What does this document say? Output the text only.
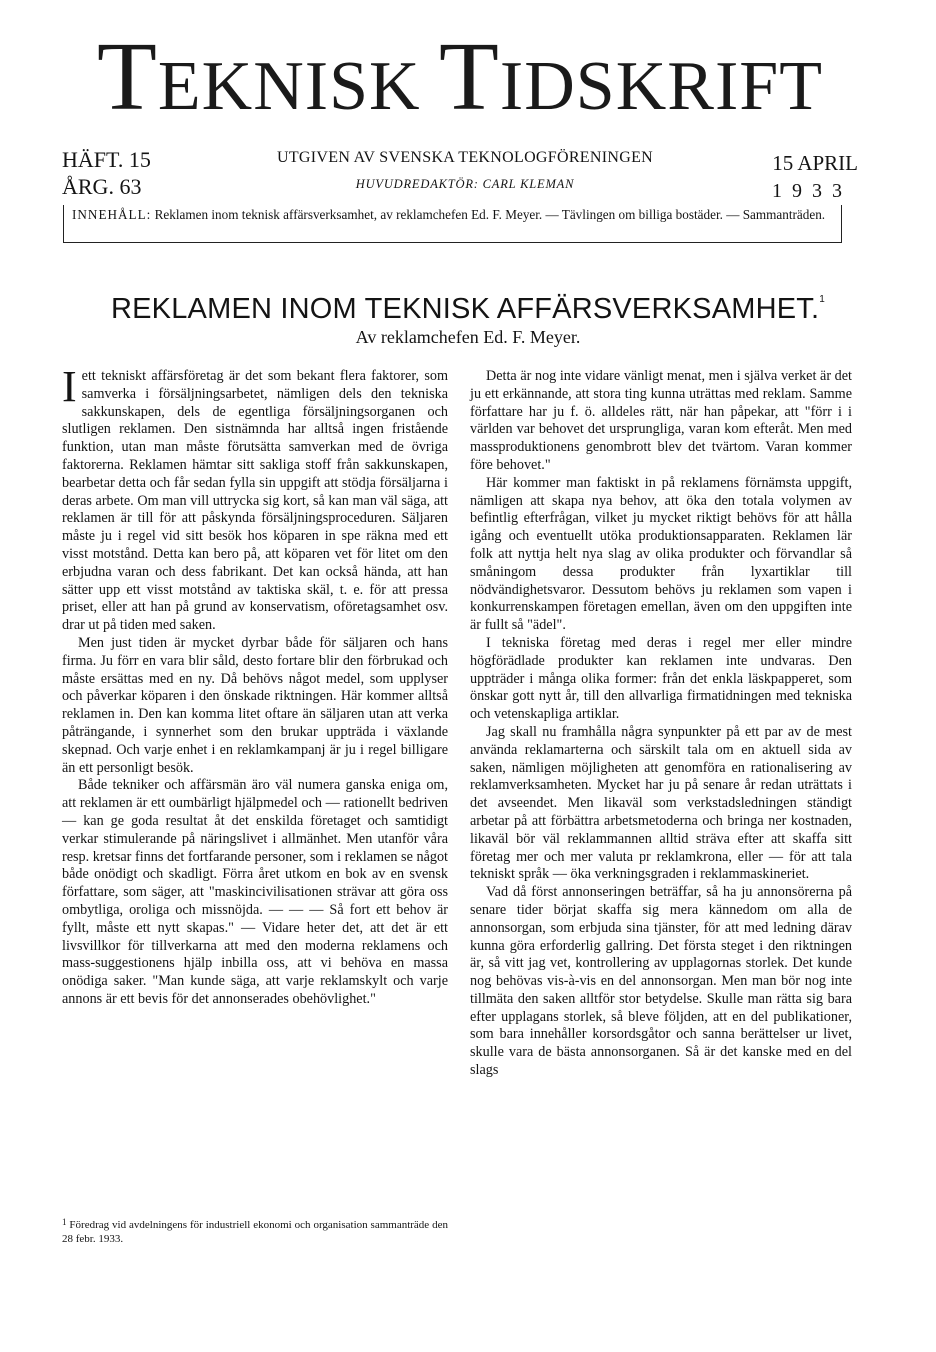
TEKNISK TIDSKRIFT
HÄFT. 15
ÅRG. 63
UTGIVEN AV SVENSKA TEKNOLOGFÖRENINGEN
HUVUDREDAKTÖR: CARL KLEMAN
15 APRIL
1933
INNEHÅLL: Reklamen inom teknisk affärsverksamhet, av reklamchefen Ed. F. Meyer. — Tävlingen om billiga bostäder. — Sammanträden.
REKLAMEN INOM TEKNISK AFFÄRSVERKSAMHET.$^1$
Av reklamchefen Ed. F. Meyer.

Iett tekniskt affärsföretag är det som bekant flera faktorer, som samverka i försäljningsarbetet, nämligen dels den tekniska sakkunskapen, dels de egentliga försäljningsorganen och slutligen reklamen. Den sistnämnda har alltså ingen fristående funktion, utan man måste förutsätta samverkan med de övriga faktorerna. Reklamen hämtar sitt sakliga stoff från sakkunskapen, bearbetar detta och får sedan fylla sin uppgift att stödja försäljarna i deras arbete. Om man vill uttrycka sig kort, så kan man väl säga, att reklamen är till för att påskynda försäljningsproceduren. Säljaren måste ju i regel vid sitt besök hos köparen in spe räkna med ett visst motstånd. Detta kan bero på, att köparen vet för litet om den erbjudna varan och dess fabrikant. Det kan också hända, att han sätter upp ett visst motstånd av taktiska skäl, t. e. för att pressa priset, eller att han på grund av konservatism, oföretagsamhet osv. drar ut på tiden med saken.

Men just tiden är mycket dyrbar både för säljaren och hans firma. Ju förr en vara blir såld, desto fortare blir den förbrukad och måste ersättas med en ny. Då behövs något medel, som upplyser och påverkar köparen i den önskade riktningen. Här kommer alltså reklamen in. Den kan komma litet oftare än säljaren utan att verka påträngande, i synnerhet som den brukar uppträda i växlande skepnad. Och varje enhet i en reklamkampanj är ju i regel billigare än ett personligt besök.

Både tekniker och affärsmän äro väl numera ganska eniga om, att reklamen är ett oumbärligt hjälpmedel och — rationellt bedriven — kan ge goda resultat åt det enskilda företaget och samtidigt verkar stimulerande på näringslivet i allmänhet. Men utanför våra resp. kretsar finns det fortfarande personer, som i reklamen se något både onödigt och skadligt. Förra året utkom en bok av en svensk författare, som säger, att "maskincivilisationen strävar att göra oss ombytliga, oroliga och missnöjda. — — — Så fort ett behov är fyllt, måste ett nytt skapas." — Vidare heter det, att det är ett livsvillkor för tillverkarna att med den moderna reklamens och mass-suggestionens hjälp inbilla oss, att vi behöva en massa onödiga saker. "Man kunde säga, att varje reklamskylt och varje annons är ett bevis för det annonserades obehövlighet."

Detta är nog inte vidare vänligt menat, men i själva verket är det ju ett erkännande, att stora ting kunna uträttas med reklam. Samme författare har ju f. ö. alldeles rätt, när han påpekar, att "förr i i världen var behovet det ursprungliga, varan kom efteråt. Men med massproduktionens genombrott blev det tvärtom. Varan kommer före behovet."

Här kommer man faktiskt in på reklamens förnämsta uppgift, nämligen att skapa nya behov, att öka den totala volymen av befintlig efterfrågan, vilket ju mycket riktigt behövs för att hålla igång och eventuellt utöka produktionsapparaten. Reklamen lär folk att nyttja helt nya slag av olika produkter och förvandlar så småningom dessa produkter från lyxartiklar till nödvändighetsvaror. Dessutom behövs ju reklamen som vapen i konkurrenskampen företagen emellan, även om den uppgiften inte är fullt så "ädel".

I tekniska företag med deras i regel mer eller mindre högförädlade produkter kan reklamen inte undvaras. Den uppträder i många olika former: från det enkla läskpapperet, som önskar gott nytt år, till den allvarliga firmatidningen med tekniska och vetenskapliga artiklar.

Jag skall nu framhålla några synpunkter på ett par av de mest använda reklamarterna och särskilt tala om en aktuell sida av saken, nämligen möjligheten att genomföra en rationalisering av reklamverksamheten. Mycket har ju på senare år redan uträttats i det avseendet. Men likaväl som verkstadsledningen ständigt arbetar på att förbättra arbetsmetoderna och bringa ner kostnaden, likaväl bör väl reklammannen alltid sträva efter att skaffa sitt företag mer och mer valuta pr reklamkrona, eller — för att tala tekniskt språk — öka verkningsgraden i reklammaskineriet.

Vad då först annonseringen beträffar, så ha ju annonsörerna på senare tider börjat skaffa sig mera kännedom om alla de annonsorgan, som erbjuda sina tjänster, för att med ledning därav kunna göra erforderlig gallring. Det första steget i den riktningen är, så vitt jag vet, kontrollering av upplagornas storlek. Det kunde nog behövas vis-à-vis en del annonsorgan. Men man bör nog inte tillmäta den saken alltför stor betydelse. Skulle man rätta sig bara efter upplagans storlek, så bleve följden, att en del publikationer, som bara innehåller korsordsgåtor och sanna berättelser ur livet, skulle vara de bästa annonsorganen. Så är det kanske med en del slags

$^1$ Föredrag vid avdelningens för industriell ekonomi och organisation sammanträde den 28 febr. 1933.
